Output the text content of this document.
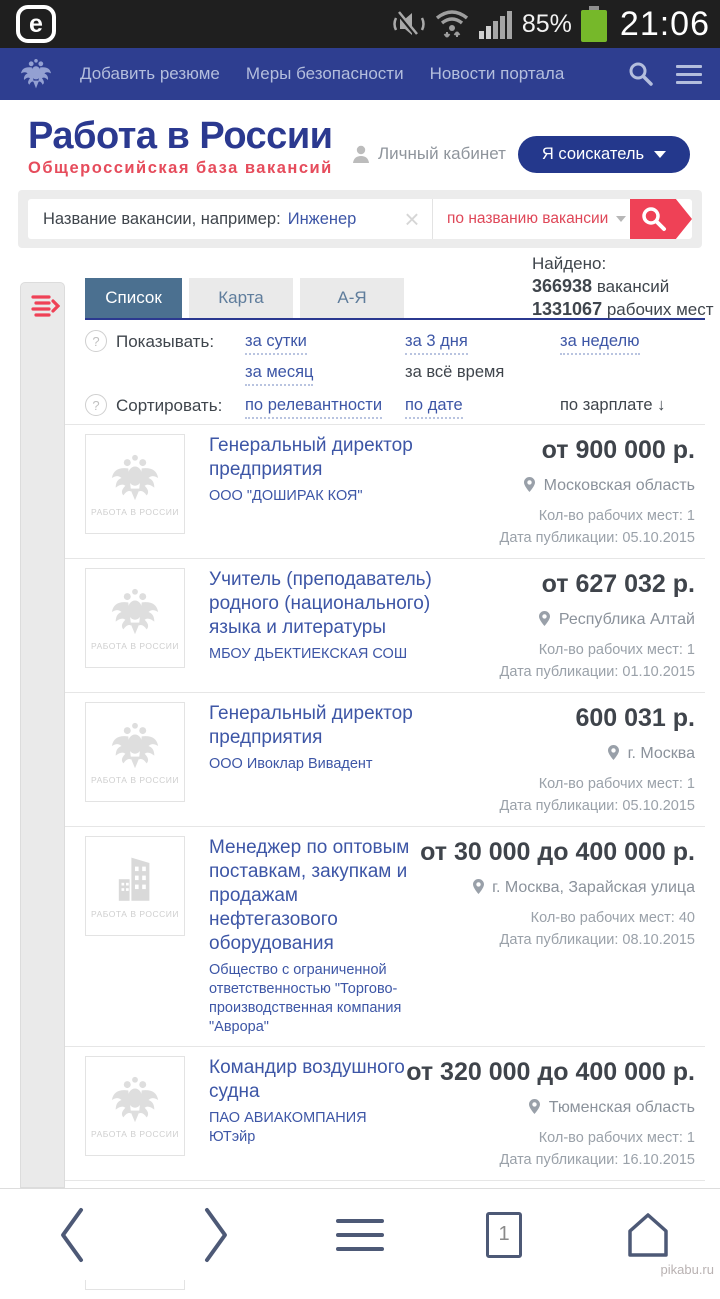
e	85% 21:06
Добавить резюме Меры безопасности Новости портала
Работа в России
Общероссийская база вакансий
Личный кабинет Я соискатель
Название вакансии, например: Инженер	×	по названию вакансии
Найдено:
366938 вакансий
1331067 рабочих мест
Список	Карта	А-Я
? Показывать: за сутки	за 3 дня	за неделю
за месяц	за всё время
? Сортировать: по релевантности	по дате	по зарплате ↓
РАБОТА В РОССИИ
Генеральный директор предприятия
ООО "ДОШИРАК КОЯ"
от 900 000 р.
Московская область
Кол-во рабочих мест: 1
Дата публикации: 05.10.2015
РАБОТА В РОССИИ
Учитель (преподаватель) родного (национального) языка и литературы
МБОУ ДЬЕКТИЕКСКАЯ СОШ
от 627 032 р.
Республика Алтай
Кол-во рабочих мест: 1
Дата публикации: 01.10.2015
РАБОТА В РОССИИ
Генеральный директор предприятия
ООО Ивоклар Вивадент
600 031 р.
г. Москва
Кол-во рабочих мест: 1
Дата публикации: 05.10.2015
РАБОТА В РОССИИ
Менеджер по оптовым поставкам, закупкам и продажам нефтегазового оборудования
Общество с ограниченной ответственностью "Торгово-производственная компания "Аврора"
от 30 000 до 400 000 р.
г. Москва, Зарайская улица
Кол-во рабочих мест: 40
Дата публикации: 08.10.2015
РАБОТА В РОССИИ
Командир воздушного судна
ПАО АВИАКОМПАНИЯ ЮТэйр
от 320 000 до 400 000 р.
Тюменская область
Кол-во рабочих мест: 1
Дата публикации: 16.10.2015
1
pikabu.ru
